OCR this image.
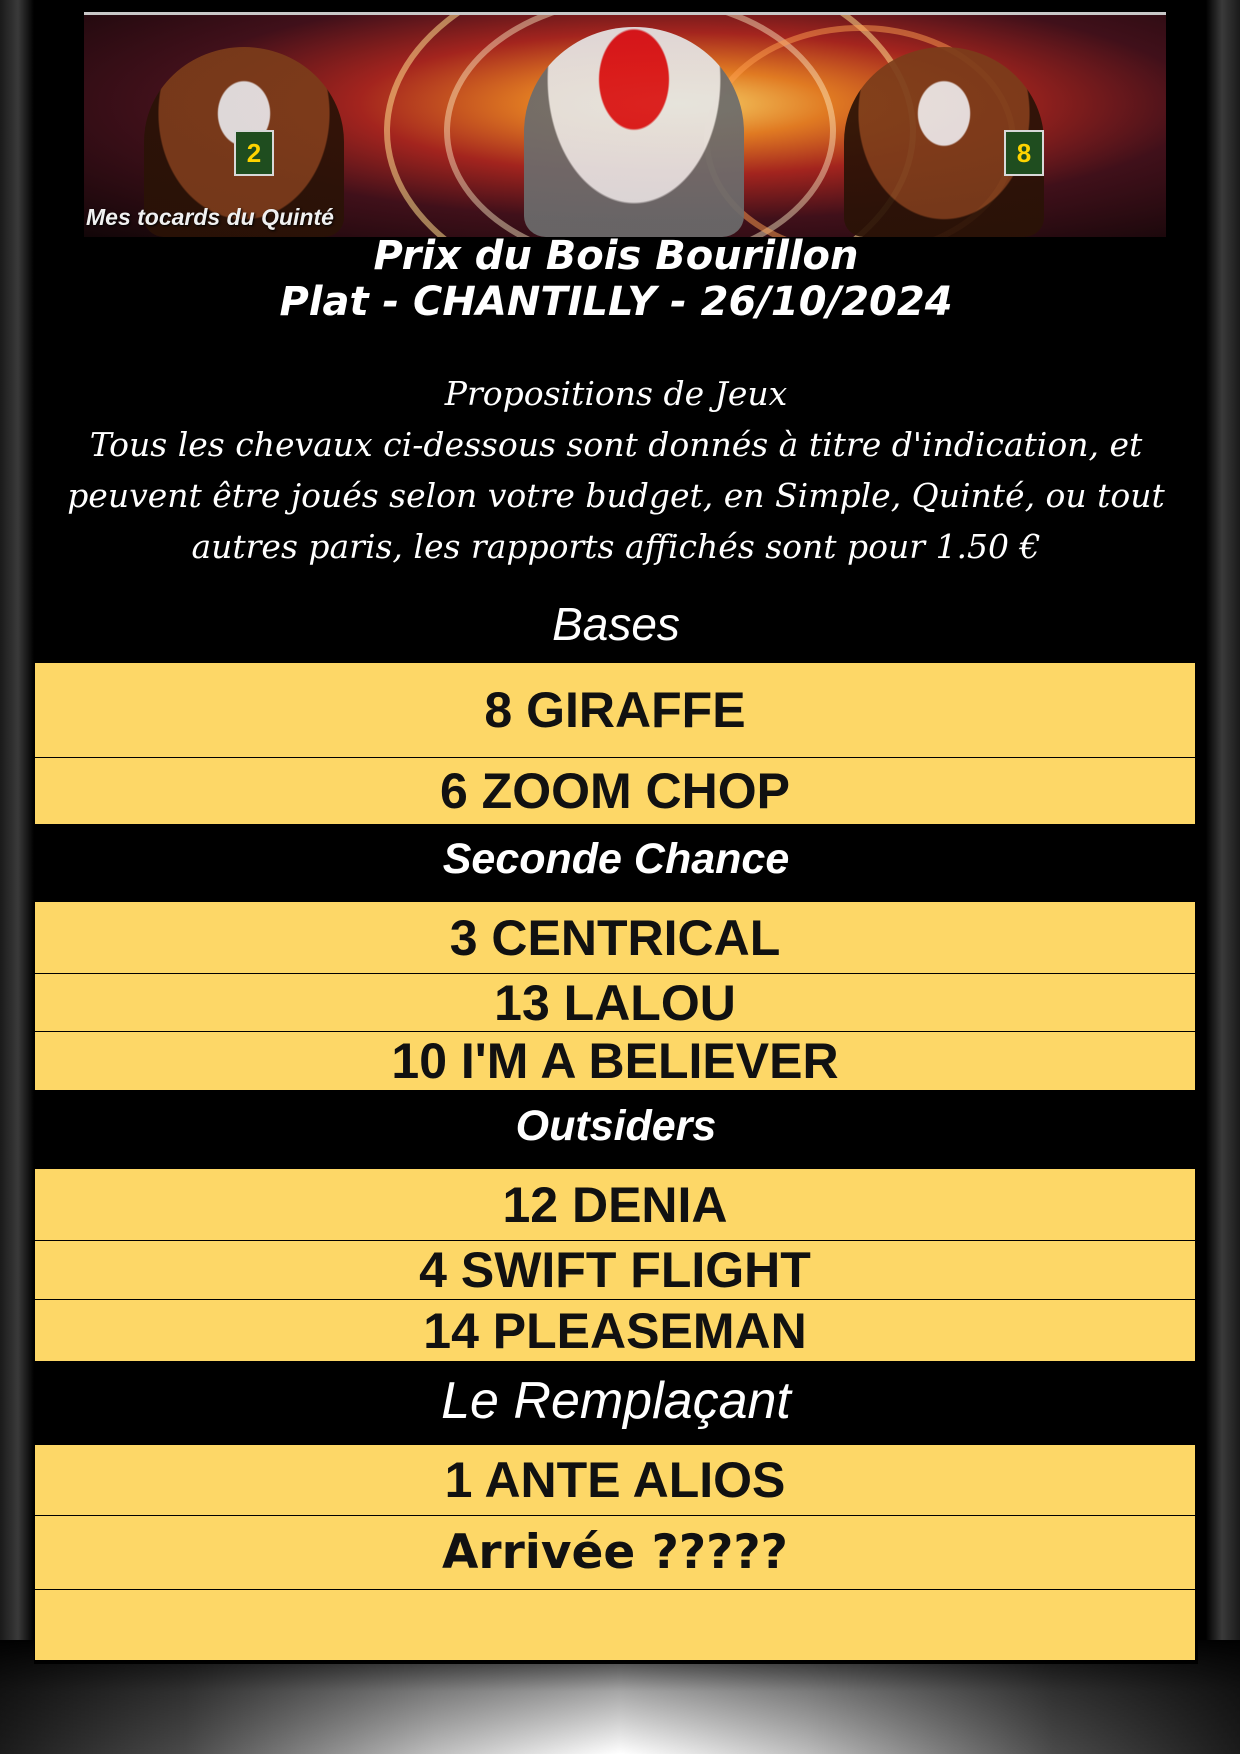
2	8
Mes tocards du Quinté
Prix du Bois Bourillon
Plat - CHANTILLY - 26/10/2024

Propositions de Jeux

Tous les chevaux ci-dessous sont donnés à titre d'indication, et peuvent être joués selon votre budget, en Simple, Quinté, ou tout autres paris, les rapports affichés sont pour 1.50 €

Bases
8 GIRAFFE
6 ZOOM CHOP
Seconde Chance
3 CENTRICAL
13 LALOU
10 I'M A BELIEVER
Outsiders
12 DENIA
4 SWIFT FLIGHT
14 PLEASEMAN
Le Remplaçant
1 ANTE ALIOS
Arrivée ?????
